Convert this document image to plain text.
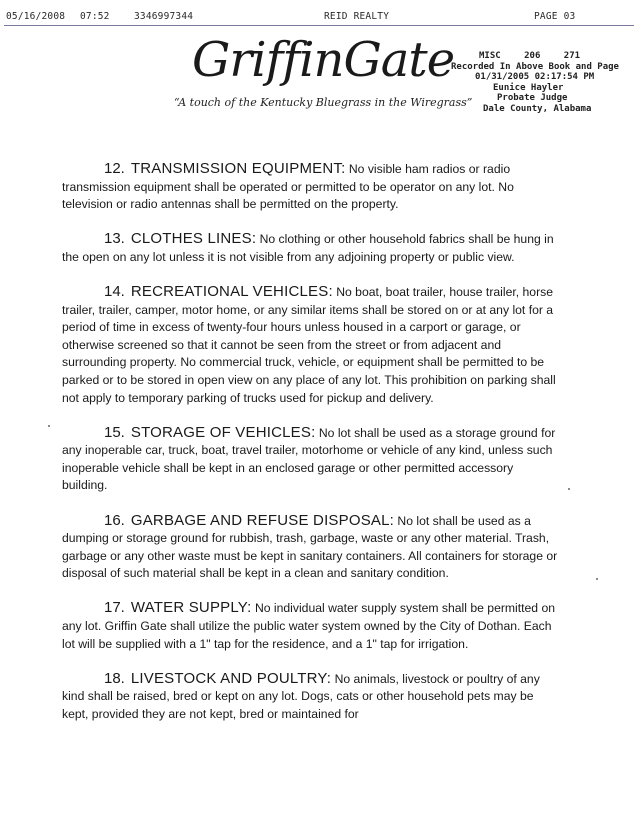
05/16/2008 07:52	3346997344	REID REALTY	PAGE 03
GriffinGate
“A touch of the Kentucky Bluegrass in the Wiregrass”
MISC	206	271
Recorded In Above Book and Page
01/31/2005 02:17:54 PM
Eunice Hayler
Probate Judge
Dale County, Alabama

12. TRANSMISSION EQUIPMENT: No visible ham radios or radio transmission equipment shall be operated or permitted to be operator on any lot. No television or radio antennas shall be permitted on the property.

13. CLOTHES LINES: No clothing or other household fabrics shall be hung in the open on any lot unless it is not visible from any adjoining property or public view.

14. RECREATIONAL VEHICLES: No boat, boat trailer, house trailer, horse trailer, trailer, camper, motor home, or any similar items shall be stored on or at any lot for a period of time in excess of twenty-four hours unless housed in a carport or garage, or otherwise screened so that it cannot be seen from the street or from adjacent and surrounding property. No commercial truck, vehicle, or equipment shall be permitted to be parked or to be stored in open view on any place of any lot. This prohibition on parking shall not apply to temporary parking of trucks used for pickup and delivery.

15. STORAGE OF VEHICLES: No lot shall be used as a storage ground for any inoperable car, truck, boat, travel trailer, motorhome or vehicle of any kind, unless such inoperable vehicle shall be kept in an enclosed garage or other permitted accessory building.

16. GARBAGE AND REFUSE DISPOSAL: No lot shall be used as a dumping or storage ground for rubbish, trash, garbage, waste or any other material. Trash, garbage or any other waste must be kept in sanitary containers. All containers for storage or disposal of such material shall be kept in a clean and sanitary condition.

17. WATER SUPPLY: No individual water supply system shall be permitted on any lot. Griffin Gate shall utilize the public water system owned by the City of Dothan. Each lot will be supplied with a 1" tap for the residence, and a 1" tap for irrigation.

18. LIVESTOCK AND POULTRY: No animals, livestock or poultry of any kind shall be raised, bred or kept on any lot. Dogs, cats or other household pets may be kept, provided they are not kept, bred or maintained for
